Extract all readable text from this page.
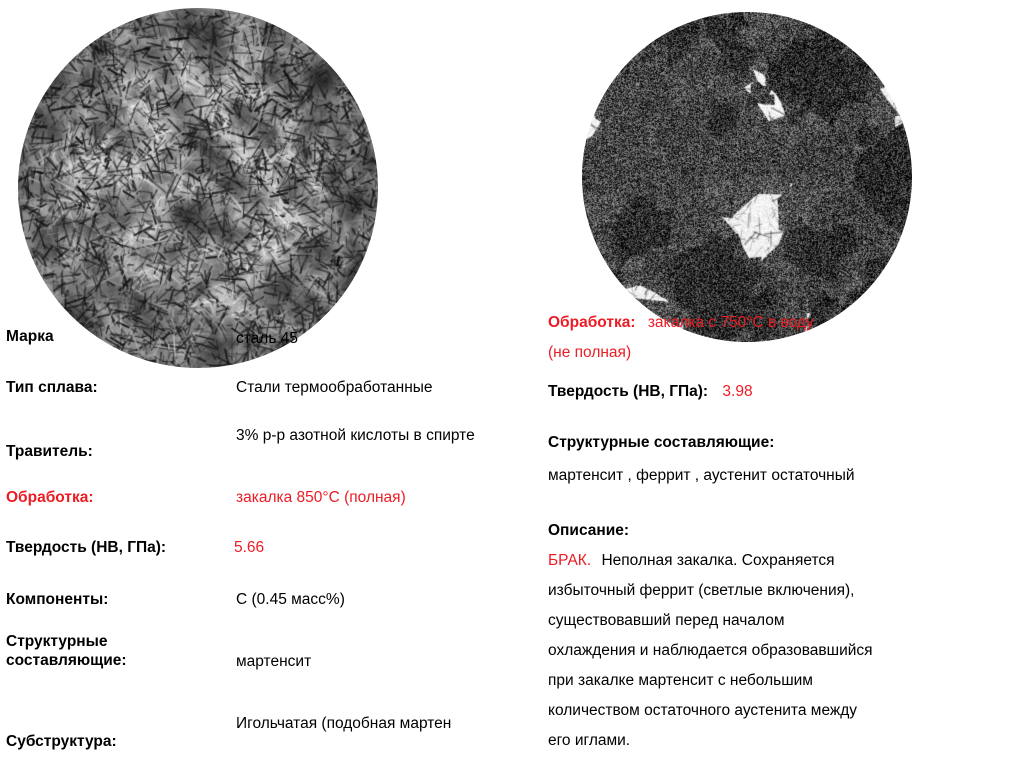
Марка	сталь 45
Тип сплава:	Стали термообработанные
Травитель:
3% р-р азотной кислоты в спирте
Обработка:	закалка 850°С (полная)
Твердость (НВ, ГПа):	5.66
Компоненты:	С (0.45 масс%)
Структурные составляющие:	мартенсит
Субструктура:
Игольчатая (подобная мартен
Обработка: закалка с 750°С в воду
(не полная)
Твердость (НВ, ГПа): 3.98
Структурные составляющие:
мартенсит , феррит , аустенит остаточный
Описание:
БРАК. Неполная закалка. Сохраняется
избыточный феррит (светлые включения),
существовавший перед началом
охлаждения и наблюдается образовавшийся
при закалке мартенсит с небольшим
количеством остаточного аустенита между
его иглами.
